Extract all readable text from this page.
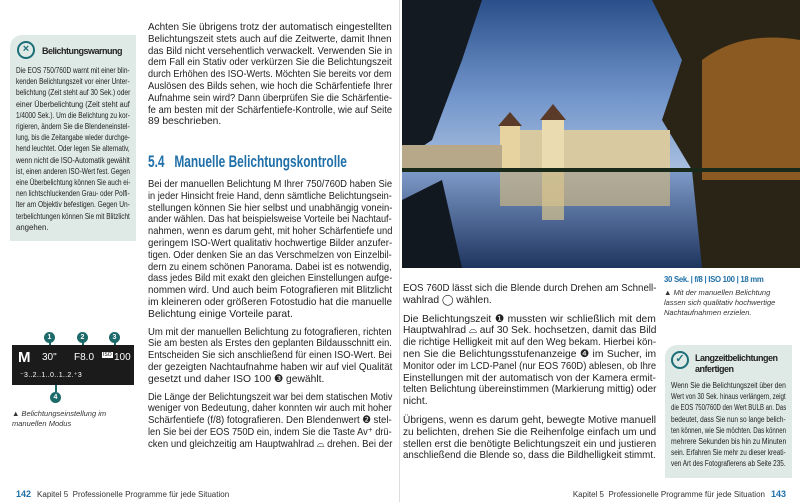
×	Belichtungswarnung
Die EOS 750/760D warnt mit einer blin-
kenden Belichtungszeit vor einer Unter-
belichtung (Zeit steht auf 30 Sek.) oder
einer Überbelichtung (Zeit steht auf
1/4000 Sek.). Um die Belichtung zu kor-
rigieren, ändern Sie die Blendeneinstel-
lung, bis die Zeitangabe wieder durchge-
hend leuchtet. Oder legen Sie alternativ,
wenn nicht die ISO-Automatik gewählt
ist, einen anderen ISO-Wert fest. Gegen
eine Überbelichtung können Sie auch ei-
nen lichtschluckenden Grau- oder Polfi-
lter am Objektiv befestigen. Gegen Un-
terbelichtungen können Sie mit Blitzlicht
angehen.
1	2	3
M 30" F8.0 ISO 100
⁻3..2..1..0..1..2.⁺3
4
▲ Belichtungseinstellung im manuellen Modus
Achten Sie übrigens trotz der automatisch eingestellten
Belichtungszeit stets auch auf die Zeitwerte, damit Ihnen
das Bild nicht versehentlich verwackelt. Verwenden Sie in
dem Fall ein Stativ oder verkürzen Sie die Belichtungszeit
durch Erhöhen des ISO-Werts. Möchten Sie bereits vor dem
Auslösen des Bilds sehen, wie hoch die Schärfentiefe Ihrer
Aufnahme sein wird? Dann überprüfen Sie die Schärfentie-
fe am besten mit der Schärfentiefe-Kontrolle, wie auf Seite
89 beschrieben.
5.4 Manuelle Belichtungskontrolle
Bei der manuellen Belichtung M Ihrer 750/760D haben Sie
in jeder Hinsicht freie Hand, denn sämtliche Belichtungsein-
stellungen können Sie hier selbst und unabhängig vonein-
ander wählen. Das hat beispielsweise Vorteile bei Nachtauf-
nahmen, wenn es darum geht, mit hoher Schärfentiefe und
geringem ISO-Wert qualitativ hochwertige Bilder anzufer-
tigen. Oder denken Sie an das Verschmelzen von Einzelbil-
dern zu einem schönen Panorama. Dabei ist es notwendig,
dass jedes Bild mit exakt den gleichen Einstellungen aufge-
nommen wird. Und auch beim Fotografieren mit Blitzlicht
im kleineren oder größeren Fotostudio hat die manuelle
Belichtung einige Vorteile parat.
Um mit der manuellen Belichtung zu fotografieren, richten
Sie am besten als Erstes den geplanten Bildausschnitt ein.
Entscheiden Sie sich anschließend für einen ISO-Wert. Bei
der gezeigten Nachtaufnahme haben wir auf viel Qualität
gesetzt und daher ISO 100 ❸ gewählt.
Die Länge der Belichtungszeit war bei dem statischen Motiv
weniger von Bedeutung, daher konnten wir auch mit hoher
Schärfentiefe (f/8) fotografieren. Den Blendenwert ❷ stel-
len Sie bei der EOS 750D ein, indem Sie die Taste Av⁺ drü-
cken und gleichzeitig am Hauptwahlrad ⌓ drehen. Bei der
142 Kapitel 5 Professionelle Programme für jede Situation
EOS 760D lässt sich die Blende durch Drehen am Schnell-
wahlrad ◯ wählen.
Die Belichtungszeit ❶ mussten wir schließlich mit dem
Hauptwahlrad ⌓ auf 30 Sek. hochsetzen, damit das Bild
die richtige Helligkeit mit auf den Weg bekam. Hierbei kön-
nen Sie die Belichtungsstufenanzeige ❹ im Sucher, im
Monitor oder im LCD-Panel (nur EOS 760D) ablesen, ob Ihre
Einstellungen mit der automatisch von der Kamera ermit-
telten Belichtung übereinstimmen (Markierung mittig) oder
nicht.
Übrigens, wenn es darum geht, bewegte Motive manuell
zu belichten, drehen Sie die Reihenfolge einfach um und
stellen erst die benötigte Belichtungszeit ein und justieren
anschließend die Blende so, dass die Bildhelligkeit stimmt.
30 Sek. | f/8 | ISO 100 | 18 mm
▲ Mit der manuellen Belichtung lassen sich qualitativ hochwertige Nachtaufnahmen erzielen.
✓	Langzeitbelichtungen anfertigen
Wenn Sie die Belichtungszeit über den
Wert von 30 Sek. hinaus verlängern, zeigt
die EOS 750/760D den Wert BULB an. Das
bedeutet, dass Sie nun so lange belich-
ten können, wie Sie möchten. Das können
mehrere Sekunden bis hin zu Minuten
sein. Erfahren Sie mehr zu dieser kreati-
ven Art des Fotografierens ab Seite 235.
Kapitel 5 Professionelle Programme für jede Situation 143
